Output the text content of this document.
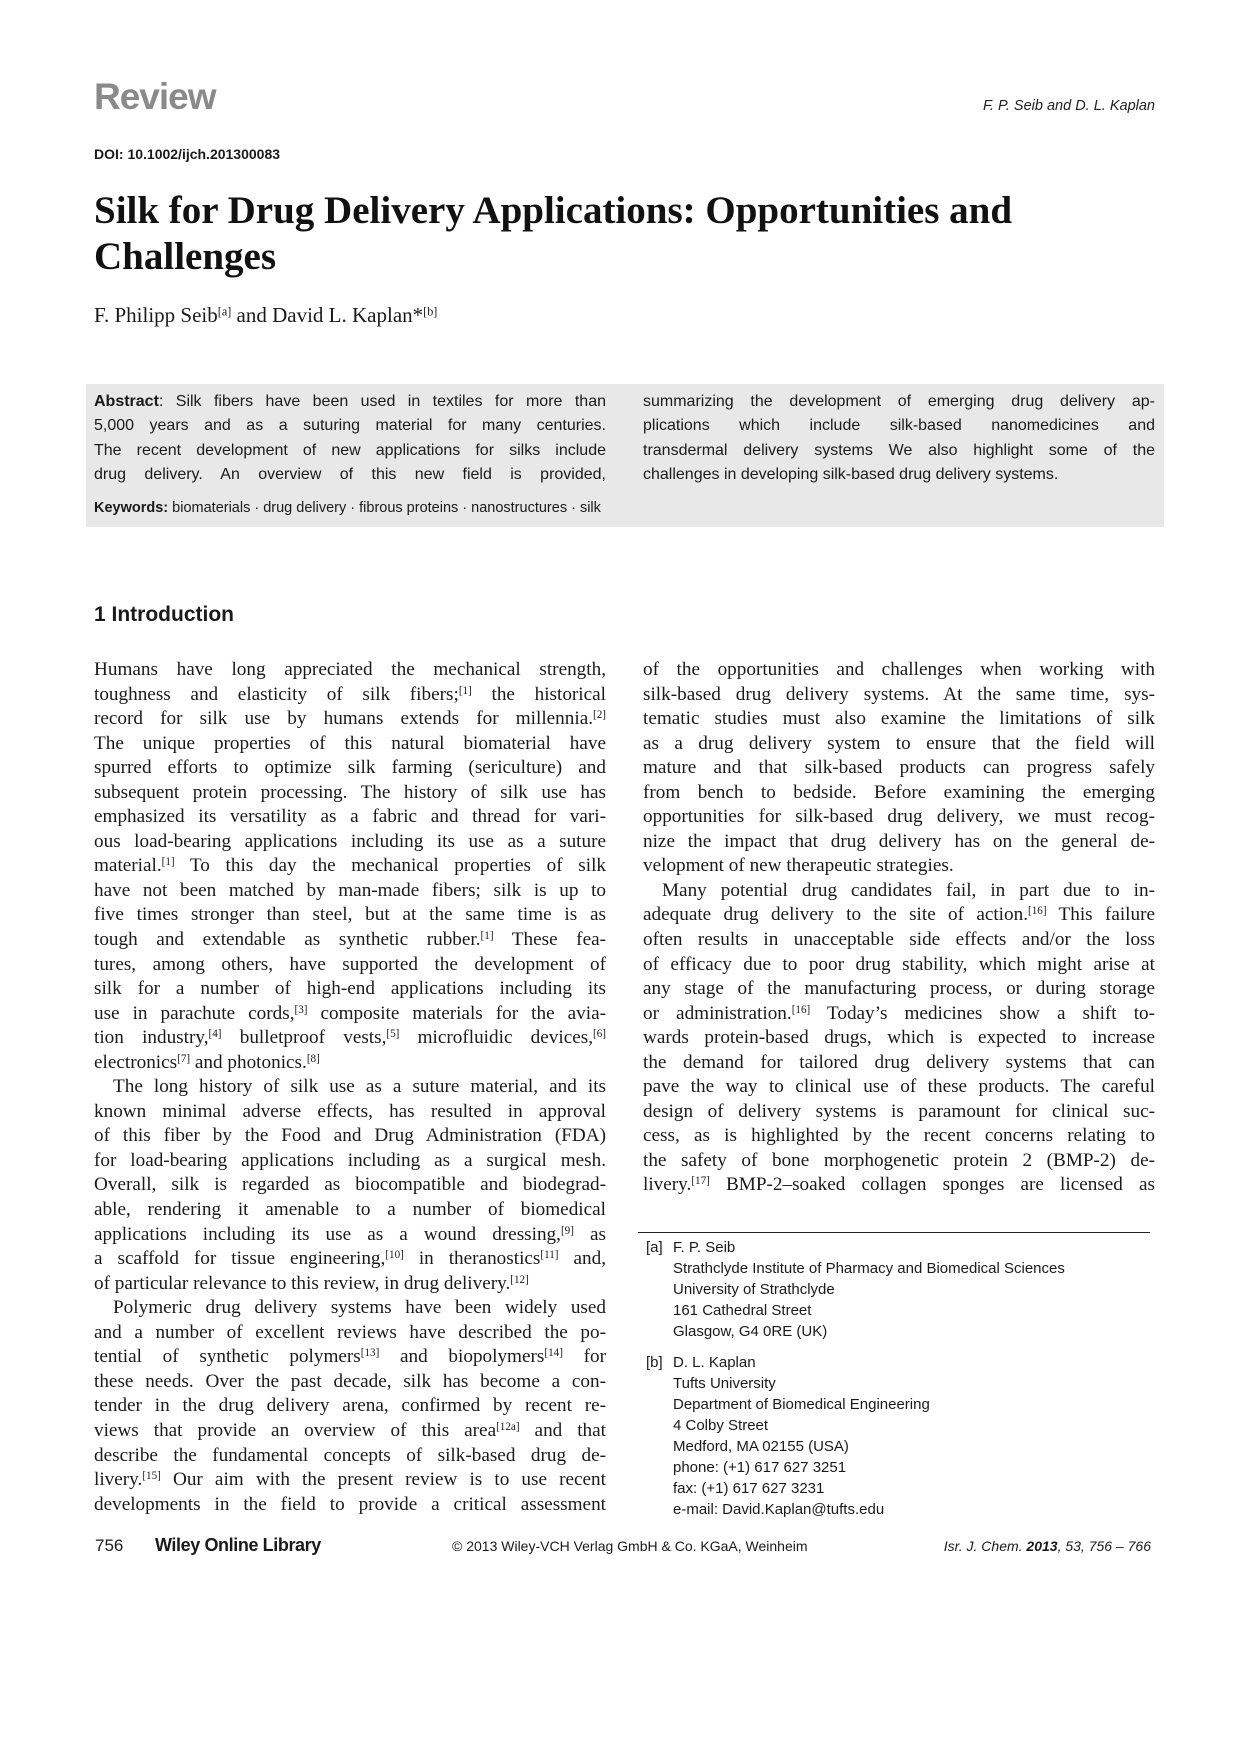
Review	F. P. Seib and D. L. Kaplan
DOI: 10.1002/ijch.201300083
Silk for Drug Delivery Applications: Opportunities and Challenges
F. Philipp Seib[a] and David L. Kaplan*[b]
Abstract: Silk fibers have been used in textiles for more than
5,000 years and as a suturing material for many centuries.
The recent development of new applications for silks include
drug delivery. An overview of this new field is provided,
summarizing the development of emerging drug delivery ap-
plications which include silk-based nanomedicines and
transdermal delivery systems We also highlight some of the
challenges in developing silk-based drug delivery systems.
Keywords: biomaterials · drug delivery · fibrous proteins · nanostructures · silk
1 Introduction
Humans have long appreciated the mechanical strength,
toughness and elasticity of silk fibers;[1] the historical
record for silk use by humans extends for millennia.[2]
The unique properties of this natural biomaterial have
spurred efforts to optimize silk farming (sericulture) and
subsequent protein processing. The history of silk use has
emphasized its versatility as a fabric and thread for vari-
ous load-bearing applications including its use as a suture
material.[1] To this day the mechanical properties of silk
have not been matched by man-made fibers; silk is up to
five times stronger than steel, but at the same time is as
tough and extendable as synthetic rubber.[1] These fea-
tures, among others, have supported the development of
silk for a number of high-end applications including its
use in parachute cords,[3] composite materials for the avia-
tion industry,[4] bulletproof vests,[5] microfluidic devices,[6]
electronics[7] and photonics.[8]
The long history of silk use as a suture material, and its
known minimal adverse effects, has resulted in approval
of this fiber by the Food and Drug Administration (FDA)
for load-bearing applications including as a surgical mesh.
Overall, silk is regarded as biocompatible and biodegrad-
able, rendering it amenable to a number of biomedical
applications including its use as a wound dressing,[9] as
a scaffold for tissue engineering,[10] in theranostics[11] and,
of particular relevance to this review, in drug delivery.[12]
Polymeric drug delivery systems have been widely used
and a number of excellent reviews have described the po-
tential of synthetic polymers[13] and biopolymers[14] for
these needs. Over the past decade, silk has become a con-
tender in the drug delivery arena, confirmed by recent re-
views that provide an overview of this area[12a] and that
describe the fundamental concepts of silk-based drug de-
livery.[15] Our aim with the present review is to use recent
developments in the field to provide a critical assessment
of the opportunities and challenges when working with
silk-based drug delivery systems. At the same time, sys-
tematic studies must also examine the limitations of silk
as a drug delivery system to ensure that the field will
mature and that silk-based products can progress safely
from bench to bedside. Before examining the emerging
opportunities for silk-based drug delivery, we must recog-
nize the impact that drug delivery has on the general de-
velopment of new therapeutic strategies.
Many potential drug candidates fail, in part due to in-
adequate drug delivery to the site of action.[16] This failure
often results in unacceptable side effects and/or the loss
of efficacy due to poor drug stability, which might arise at
any stage of the manufacturing process, or during storage
or administration.[16] Today’s medicines show a shift to-
wards protein-based drugs, which is expected to increase
the demand for tailored drug delivery systems that can
pave the way to clinical use of these products. The careful
design of delivery systems is paramount for clinical suc-
cess, as is highlighted by the recent concerns relating to
the safety of bone morphogenetic protein 2 (BMP-2) de-
livery.[17] BMP-2–soaked collagen sponges are licensed as
[a] F. P. Seib
Strathclyde Institute of Pharmacy and Biomedical Sciences
University of Strathclyde
161 Cathedral Street
Glasgow, G4 0RE (UK)
[b] D. L. Kaplan
Tufts University
Department of Biomedical Engineering
4 Colby Street
Medford, MA 02155 (USA)
phone: (+1) 617 627 3251
fax: (+1) 617 627 3231
e-mail: David.Kaplan@tufts.edu
756 Wiley Online Library	© 2013 Wiley-VCH Verlag GmbH & Co. KGaA, Weinheim	Isr. J. Chem. 2013, 53, 756 – 766
